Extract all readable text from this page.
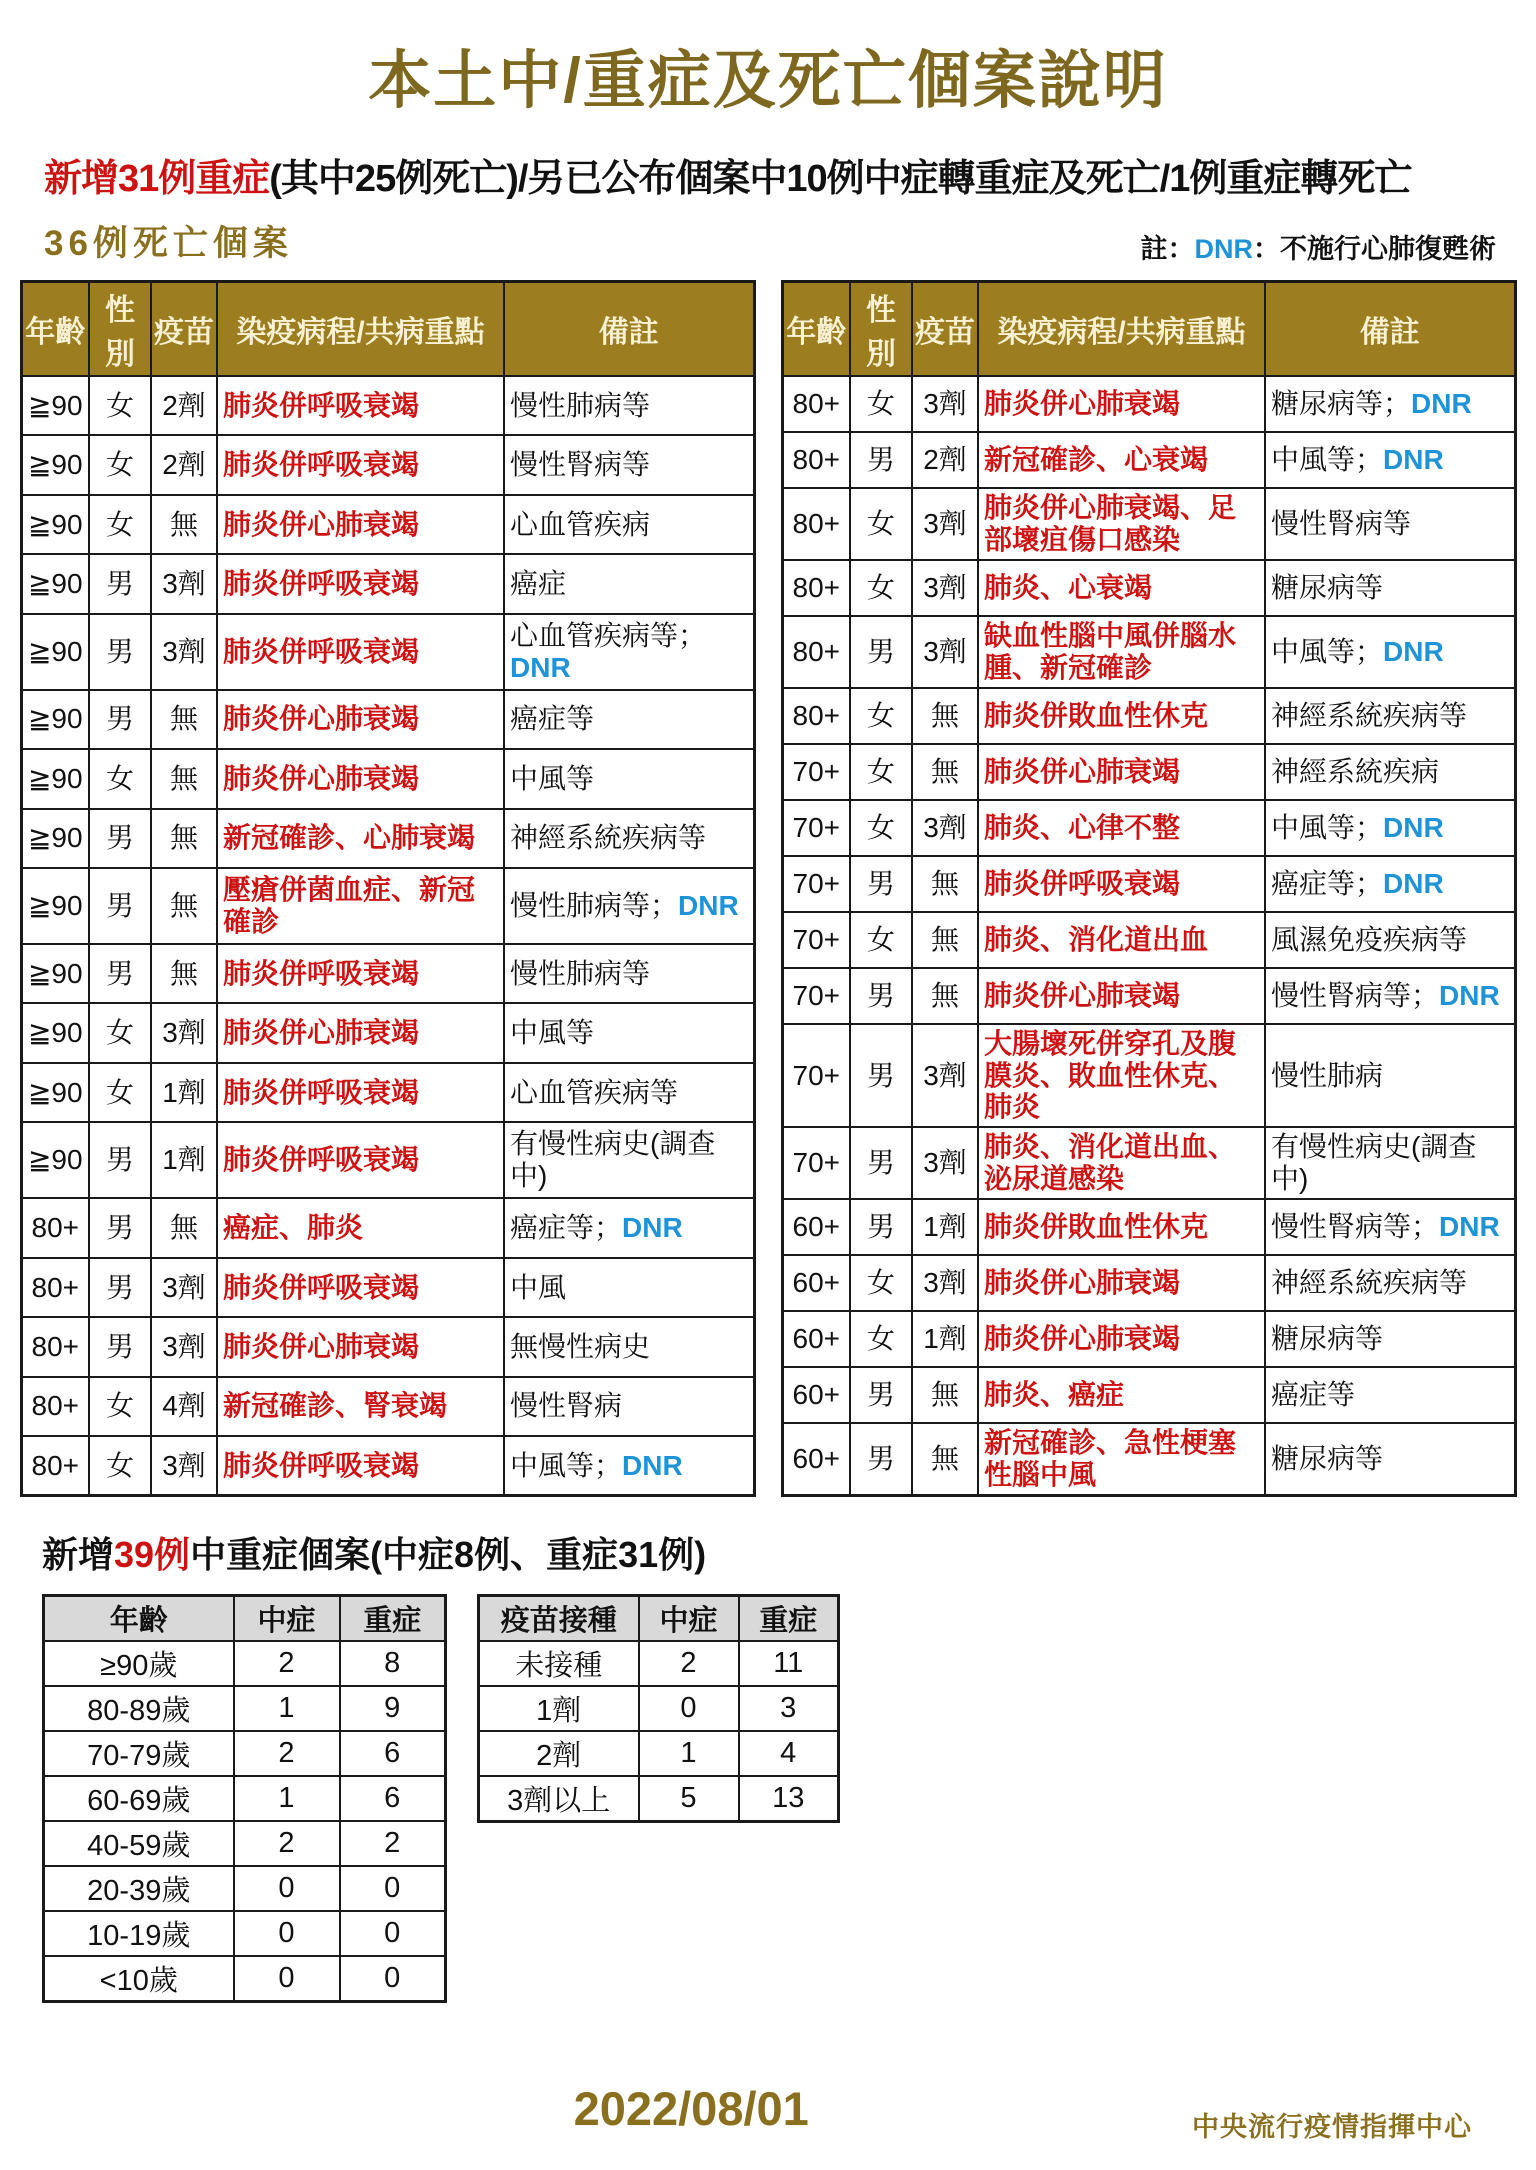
本土中/重症及死亡個案說明
新增31例重症(其中25例死亡)/另已公布個案中10例中症轉重症及死亡/1例重症轉死亡
36例死亡個案	註：DNR：不施行心肺復甦術
年齡	性別	疫苗	染疫病程/共病重點	備註
≧90	女	2劑	肺炎併呼吸衰竭	慢性肺病等
≧90	女	2劑	肺炎併呼吸衰竭	慢性腎病等
≧90	女	無	肺炎併心肺衰竭	心血管疾病
≧90	男	3劑	肺炎併呼吸衰竭	癌症
≧90	男	3劑	肺炎併呼吸衰竭	心血管疾病等；DNR
≧90	男	無	肺炎併心肺衰竭	癌症等
≧90	女	無	肺炎併心肺衰竭	中風等
≧90	男	無	新冠確診、心肺衰竭	神經系統疾病等
≧90	男	無	壓瘡併菌血症、新冠確診	慢性肺病等；DNR
≧90	男	無	肺炎併呼吸衰竭	慢性肺病等
≧90	女	3劑	肺炎併心肺衰竭	中風等
≧90	女	1劑	肺炎併呼吸衰竭	心血管疾病等
≧90	男	1劑	肺炎併呼吸衰竭	有慢性病史(調查中)
80+	男	無	癌症、肺炎	癌症等；DNR
80+	男	3劑	肺炎併呼吸衰竭	中風
80+	男	3劑	肺炎併心肺衰竭	無慢性病史
80+	女	4劑	新冠確診、腎衰竭	慢性腎病
80+	女	3劑	肺炎併呼吸衰竭	中風等；DNR
年齡	性別	疫苗	染疫病程/共病重點	備註
80+	女	3劑	肺炎併心肺衰竭	糖尿病等；DNR
80+	男	2劑	新冠確診、心衰竭	中風等；DNR
80+	女	3劑	肺炎併心肺衰竭、足部壞疽傷口感染	慢性腎病等
80+	女	3劑	肺炎、心衰竭	糖尿病等
80+	男	3劑	缺血性腦中風併腦水腫、新冠確診	中風等；DNR
80+	女	無	肺炎併敗血性休克	神經系統疾病等
70+	女	無	肺炎併心肺衰竭	神經系統疾病
70+	女	3劑	肺炎、心律不整	中風等；DNR
70+	男	無	肺炎併呼吸衰竭	癌症等；DNR
70+	女	無	肺炎、消化道出血	風濕免疫疾病等
70+	男	無	肺炎併心肺衰竭	慢性腎病等；DNR
70+	男	3劑	大腸壞死併穿孔及腹膜炎、敗血性休克、肺炎	慢性肺病
70+	男	3劑	肺炎、消化道出血、泌尿道感染	有慢性病史(調查中)
60+	男	1劑	肺炎併敗血性休克	慢性腎病等；DNR
60+	女	3劑	肺炎併心肺衰竭	神經系統疾病等
60+	女	1劑	肺炎併心肺衰竭	糖尿病等
60+	男	無	肺炎、癌症	癌症等
60+	男	無	新冠確診、急性梗塞性腦中風	糖尿病等
新增39例中重症個案(中症8例、重症31例)
年齡	中症	重症
≥90歲	2	8
80-89歲	1	9
70-79歲	2	6
60-69歲	1	6
40-59歲	2	2
20-39歲	0	0
10-19歲	0	0
<10歲	0	0
疫苗接種	中症	重症
未接種	2	11
1劑	0	3
2劑	1	4
3劑以上	5	13
2022/08/01	中央流行疫情指揮中心
